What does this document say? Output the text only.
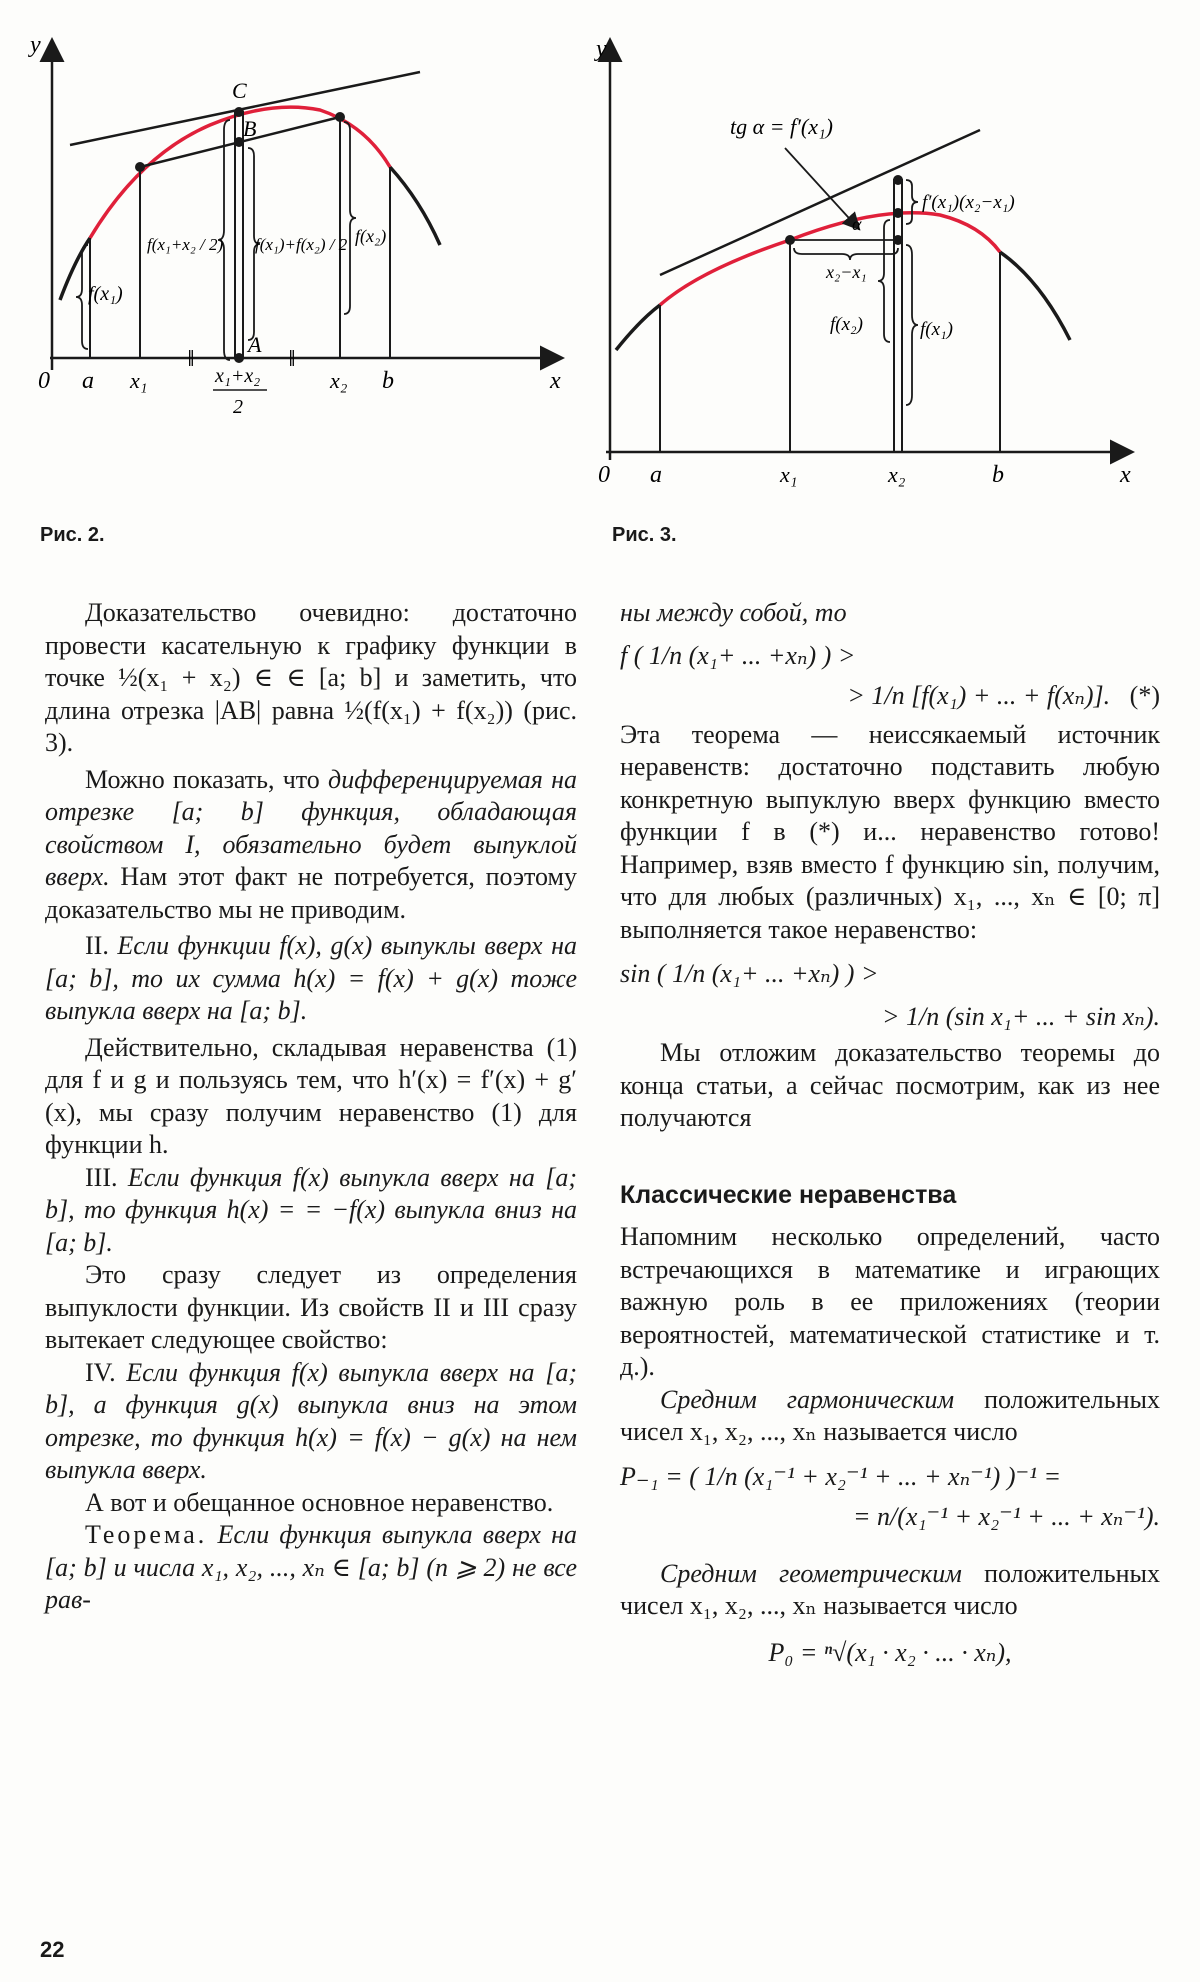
‖	‖
y
x
0 a x₁	x₁+x₂
2
x₂ b
C
B
A
f(x₁)
f(x₁+x₂ / 2) f(x₁)+f(x₂) / 2 f(x₂)
Рис. 2.
y
x
0 a	x₁	x₂	b
tg α = f′(x₁)
α
x₂−x₁
f′(x₁)(x₂−x₁)
f(x₂)	f(x₁)
Рис. 3.

Доказательство очевидно: достаточно провести касательную к графику функции в точке ½(x₁ + x₂) ∈ ∈ [a; b] и заметить, что длина отрезка |AB| равна ½(f(x₁) + f(x₂)) (рис. 3).

Можно показать, что дифференцируемая на отрезке [a; b] функция, обладающая свойством I, обязательно будет выпуклой вверх. Нам этот факт не потребуется, поэтому доказательство мы не приводим.

II. Если функции f(x), g(x) выпуклы вверх на [a; b], то их сумма h(x) = f(x) + g(x) тоже выпукла вверх на [a; b].

Действительно, складывая неравенства (1) для f и g и пользуясь тем, что h′(x) = f′(x) + g′(x), мы сразу получим неравенство (1) для функции h.

III. Если функция f(x) выпукла вверх на [a; b], то функция h(x) = = −f(x) выпукла вниз на [a; b].

Это сразу следует из определения выпуклости функции. Из свойств II и III сразу вытекает следующее свойство:

IV. Если функция f(x) выпукла вверх на [a; b], а функция g(x) выпукла вниз на этом отрезке, то функция h(x) = f(x) − g(x) на нем выпукла вверх.

А вот и обещанное основное неравенство.

Теорема. Если функция выпукла вверх на [a; b] и числа x₁, x₂, ..., xₙ ∈ [a; b] (n ⩾ 2) не все рав-

ны между собой, то

f ( 1/n (x₁+ ... +xₙ) ) >

> 1/n [f(x₁) + ... + f(xₙ)]. (*)

Эта теорема — неиссякаемый источник неравенств: достаточно подставить любую конкретную выпуклую вверх функцию вместо функции f в (*) и... неравенство готово! Например, взяв вместо f функцию sin, получим, что для любых (различных) x₁, ..., xₙ ∈ [0; π] выполняется такое неравенство:

sin ( 1/n (x₁+ ... +xₙ) ) >

> 1/n (sin x₁+ ... + sin xₙ).

Мы отложим доказательство теоремы до конца статьи, а сейчас посмотрим, как из нее получаются

Классические неравенства

Напомним несколько определений, часто встречающихся в математике и играющих важную роль в ее приложениях (теории вероятностей, математической статистике и т. д.).

Средним гармоническим положительных чисел x₁, x₂, ..., xₙ называется число

P₋₁ = ( 1/n (x₁⁻¹ + x₂⁻¹ + ... + xₙ⁻¹) )⁻¹ =

= n/(x₁⁻¹ + x₂⁻¹ + ... + xₙ⁻¹).

Средним геометрическим положительных чисел x₁, x₂, ..., xₙ называется число

P₀ = ⁿ√(x₁ · x₂ · ... · xₙ),

22
